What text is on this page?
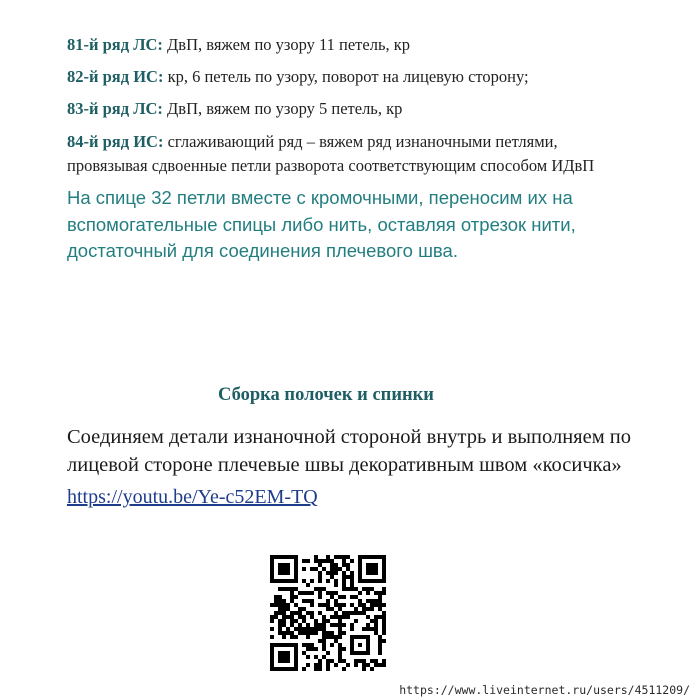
81-й ряд ЛС: ДвП, вяжем по узору 11 петель, кр
82-й ряд ИС: кр, 6 петель по узору, поворот на лицевую сторону;
83-й ряд ЛС: ДвП, вяжем по узору 5 петель, кр
84-й ряд ИС: сглаживающий ряд – вяжем ряд изнаночными петлями,
провязывая сдвоенные петли разворота соответствующим способом ИДвП
На спице 32 петли вместе с кромочными, переносим их на
вспомогательные спицы либо нить, оставляя отрезок нити,
достаточный для соединения плечевого шва.
Сборка полочек и спинки
Соединяем детали изнаночной стороной внутрь и выполняем по
лицевой стороне плечевые швы декоративным швом «косичка»
https://youtu.be/Ye-c52EM-TQ
https://www.liveinternet.ru/users/4511209/
